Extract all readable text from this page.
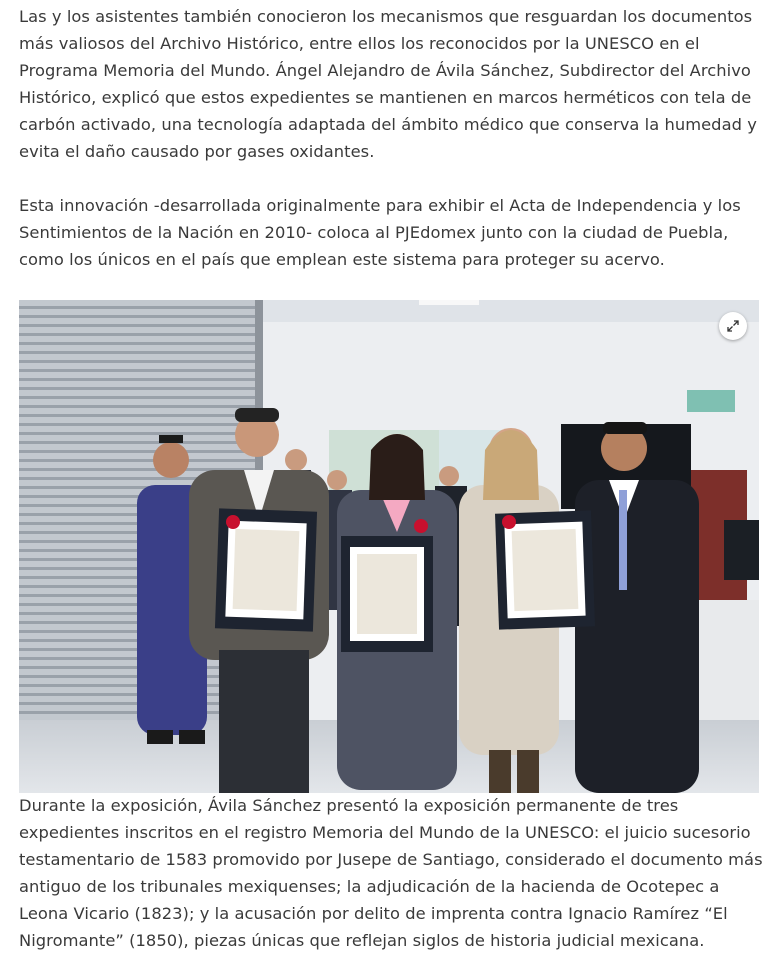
Las y los asistentes también conocieron los mecanismos que resguardan los documentos más valiosos del Archivo Histórico, entre ellos los reconocidos por la UNESCO en el Programa Memoria del Mundo. Ángel Alejandro de Ávila Sánchez, Subdirector del Archivo Histórico, explicó que estos expedientes se mantienen en marcos herméticos con tela de carbón activado, una tecnología adaptada del ámbito médico que conserva la humedad y evita el daño causado por gases oxidantes.

Esta innovación -desarrollada originalmente para exhibir el Acta de Independencia y los Sentimientos de la Nación en 2010- coloca al PJEdomex junto con la ciudad de Puebla, como los únicos en el país que emplean este sistema para proteger su acervo.

Durante la exposición, Ávila Sánchez presentó la exposición permanente de tres expedientes inscritos en el registro Memoria del Mundo de la UNESCO: el juicio sucesorio testamentario de 1583 promovido por Jusepe de Santiago, considerado el documento más antiguo de los tribunales mexiquenses; la adjudicación de la hacienda de Ocotepec a Leona Vicario (1823); y la acusación por delito de imprenta contra Ignacio Ramírez “El Nigromante” (1850), piezas únicas que reflejan siglos de historia judicial mexicana.
